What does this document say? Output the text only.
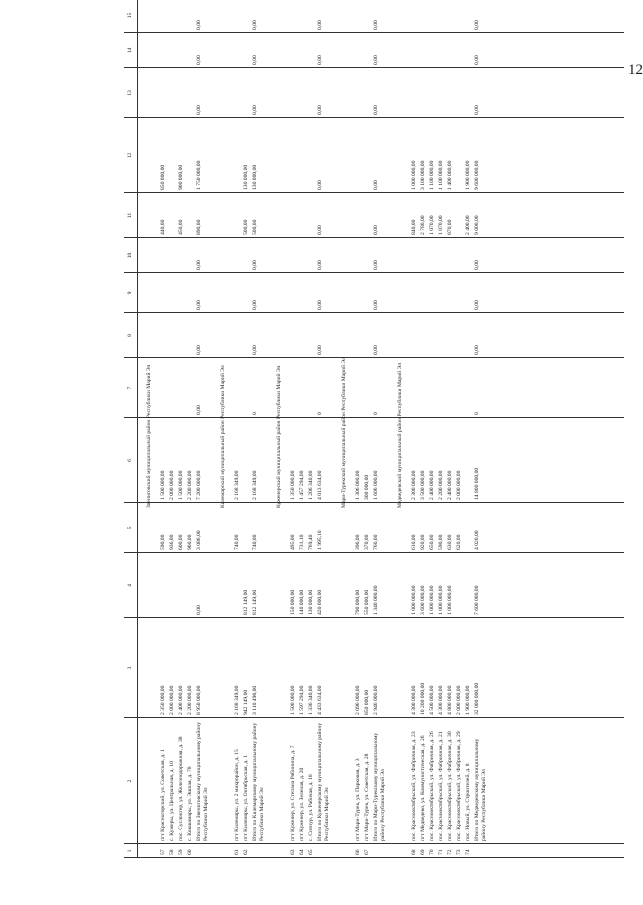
12
1
2
3
4
5
6
7
8
9
10
11
12
13
14
15
Звениговский муниципальный район Республики Марий Эл
57
пгт Красногорский, ул. Советская, д. 1
2 350 000,00
590,00
1 500 000,00
440,00
850 000,00
58
с. Кужеры, ул. Центральная, д. 10
2 000 000,00
936,00
2 000 000,00
59
пос. Суслонгер, ул. Железнодорожная, д. 38
2 400 000,00
600,00
1 500 000,00
450,00
900 000,00
60
с. Кокшамары, ул. Эшпая, д. 78
2 200 000,00
960,00
2 200 000,00
Итого по Звениговскому муниципальному району Республики Марий Эл
8 950 000,00
0,00
3 086,00
7 200 000,00
0,00
0,00
0,00
0,00
890,00
1 750 000,00
0,00
0,00
0,00
Килемарский муниципальный район Республики Марий Эл
61
пгт Килемары, ул. 2 микрорайон, д. 15
2 168 349,00
740,00
2 168 349,00
62
пгт Килемары, ул. Октябрьская, д. 1
942 149,00
812 149,00
500,00
130 000,00
Итого по Килемарскому муниципальному району Республики Марий Эл
3 110 498,00
812 149,00
740,00
2 168 349,00
0
0,00
0,00
0,00
500,00
130 000,00
0,00
0,00
0,00
Куженерский муниципальный район Республики Марий Эл
63
пгт Куженер, ул. Степана Рябинина, д. 7
1 500 000,00
150 000,00
495,00
1 350 000,00
64
пгт Куженер, ул. Зеленая, д. 20
1 597 294,00
140 000,00
731,10
1 457 294,00
65
с. Сотнур, ул. Рабочая, д. 18
1 336 340,00
130 000,00
769,40
1 206 340,00
Итого по Куженерскому муниципальному району Республики Марий Эл
4 433 634,00
420 000,00
1 995,10
4 013 634,00
0
0,00
0,00
0,00
0,00
0,00
0,00
0,00
0,00
Мари-Турекский муниципальный район Республики Марий Эл
66
пгт Мари-Турек, ул. Парковая, д. 3
2 096 000,00
790 000,00
396,00
1 306 000,00
67
пгт Мари-Турек, ул. Советская, д. 28
850 000,00
550 000,00
370,00
300 000,00
Итого по Мари-Турекскому муниципальному району Республики Марий Эл
2 946 000,00
1 340 000,00
766,00
1 606 000,00
0
0,00
0,00
0,00
0,00
0,00
0,00
0,00
0,00
Медведевский муниципальный район Республики Марий Эл
68
пос. Краснооктябрьский, ул. Фабричная, д. 23
4 300 000,00
1 000 000,00
610,00
2 300 000,00
840,00
1 000 000,00
69
пгт Медведево, ул. Коммунистическая, д. 26
10 200 000,00
3 600 000,00
920,00
3 500 000,00
2 780,00
3 100 000,00
70
пос. Краснооктябрьский, ул. Фабричная, д. 26
4 500 000,00
1 000 000,00
650,00
2 400 000,00
1 070,00
1 100 000,00
71
пос. Краснооктябрьский, ул. Фабричная, д. 21
4 300 000,00
1 000 000,00
590,00
2 200 000,00
1 070,00
1 100 000,00
72
пос. Краснооктябрьский, ул. Фабричная, д. 30
4 800 000,00
1 000 000,00
630,00
2 400 000,00
870,00
1 400 000,00
73
пос. Краснооктябрьский, ул. Фабричная, д. 29
2 000 000,00
620,00
2 000 000,00
74
пос. Новый, ул. Строителей, д. 8
1 900 000,00
2 400,00
1 900 000,00
Итого по Медведевскому муниципальному району Республики Марий Эл
32 000 000,00
7 600 000,00
4 020,00
14 800 000,00
0
0,00
0,00
0,00
9 000,00
9 600 000,00
0,00
0,00
0,00
